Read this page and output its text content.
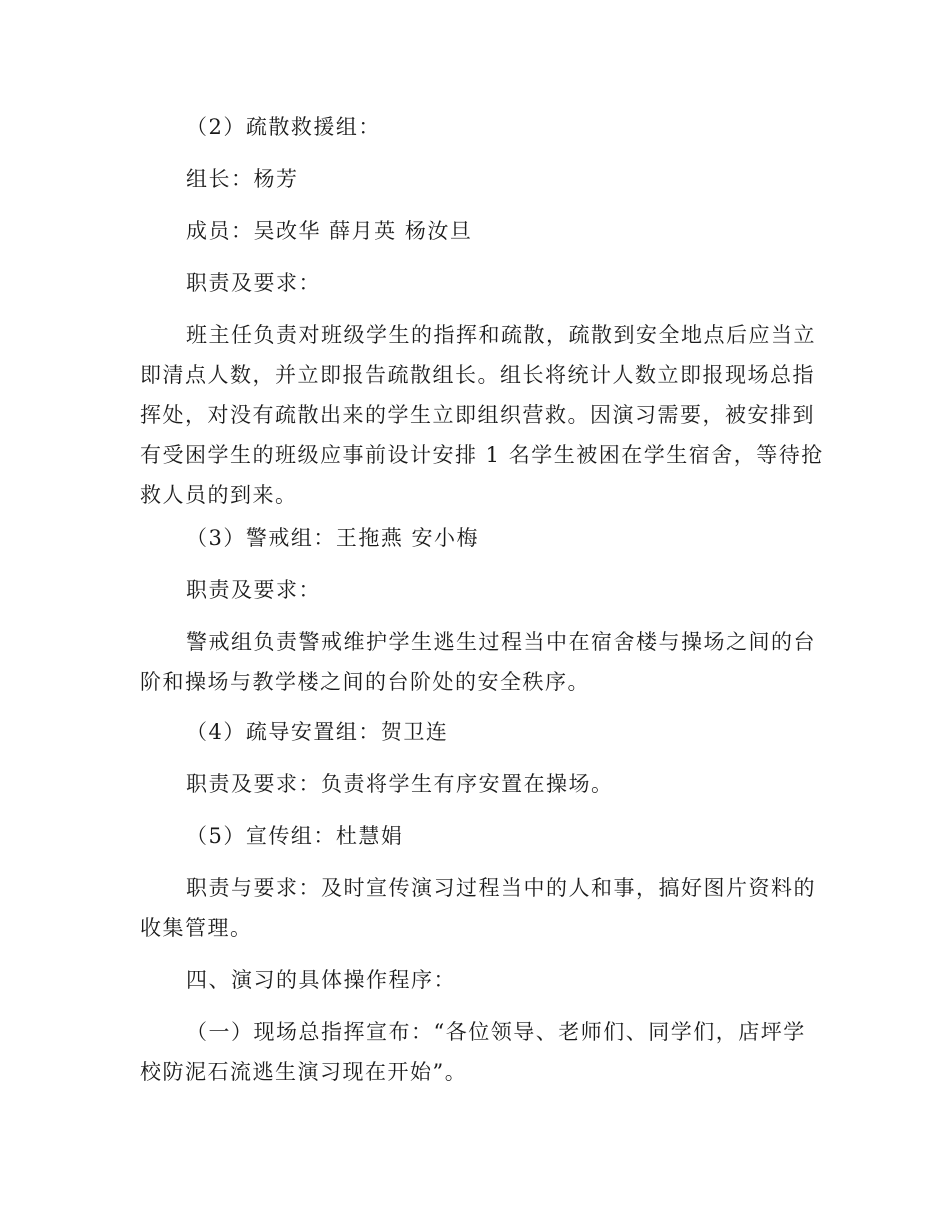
（2）疏散救援组：
组长：杨芳
成员：吴改华 薛月英 杨汝旦
职责及要求：
班主任负责对班级学生的指挥和疏散，疏散到安全地点后应当立
即清点人数，并立即报告疏散组长。组长将统计人数立即报现场总指
挥处，对没有疏散出来的学生立即组织营救。因演习需要，被安排到
有受困学生的班级应事前设计安排 1 名学生被困在学生宿舍，等待抢
救人员的到来。
（3）警戒组：王拖燕 安小梅
职责及要求：
警戒组负责警戒维护学生逃生过程当中在宿舍楼与操场之间的台
阶和操场与教学楼之间的台阶处的安全秩序。
（4）疏导安置组：贺卫连
职责及要求：负责将学生有序安置在操场。
（5）宣传组：杜慧娟
职责与要求：及时宣传演习过程当中的人和事，搞好图片资料的
收集管理。
四、演习的具体操作程序：
（一）现场总指挥宣布：“各位领导、老师们、同学们，店坪学
校防泥石流逃生演习现在开始”。
